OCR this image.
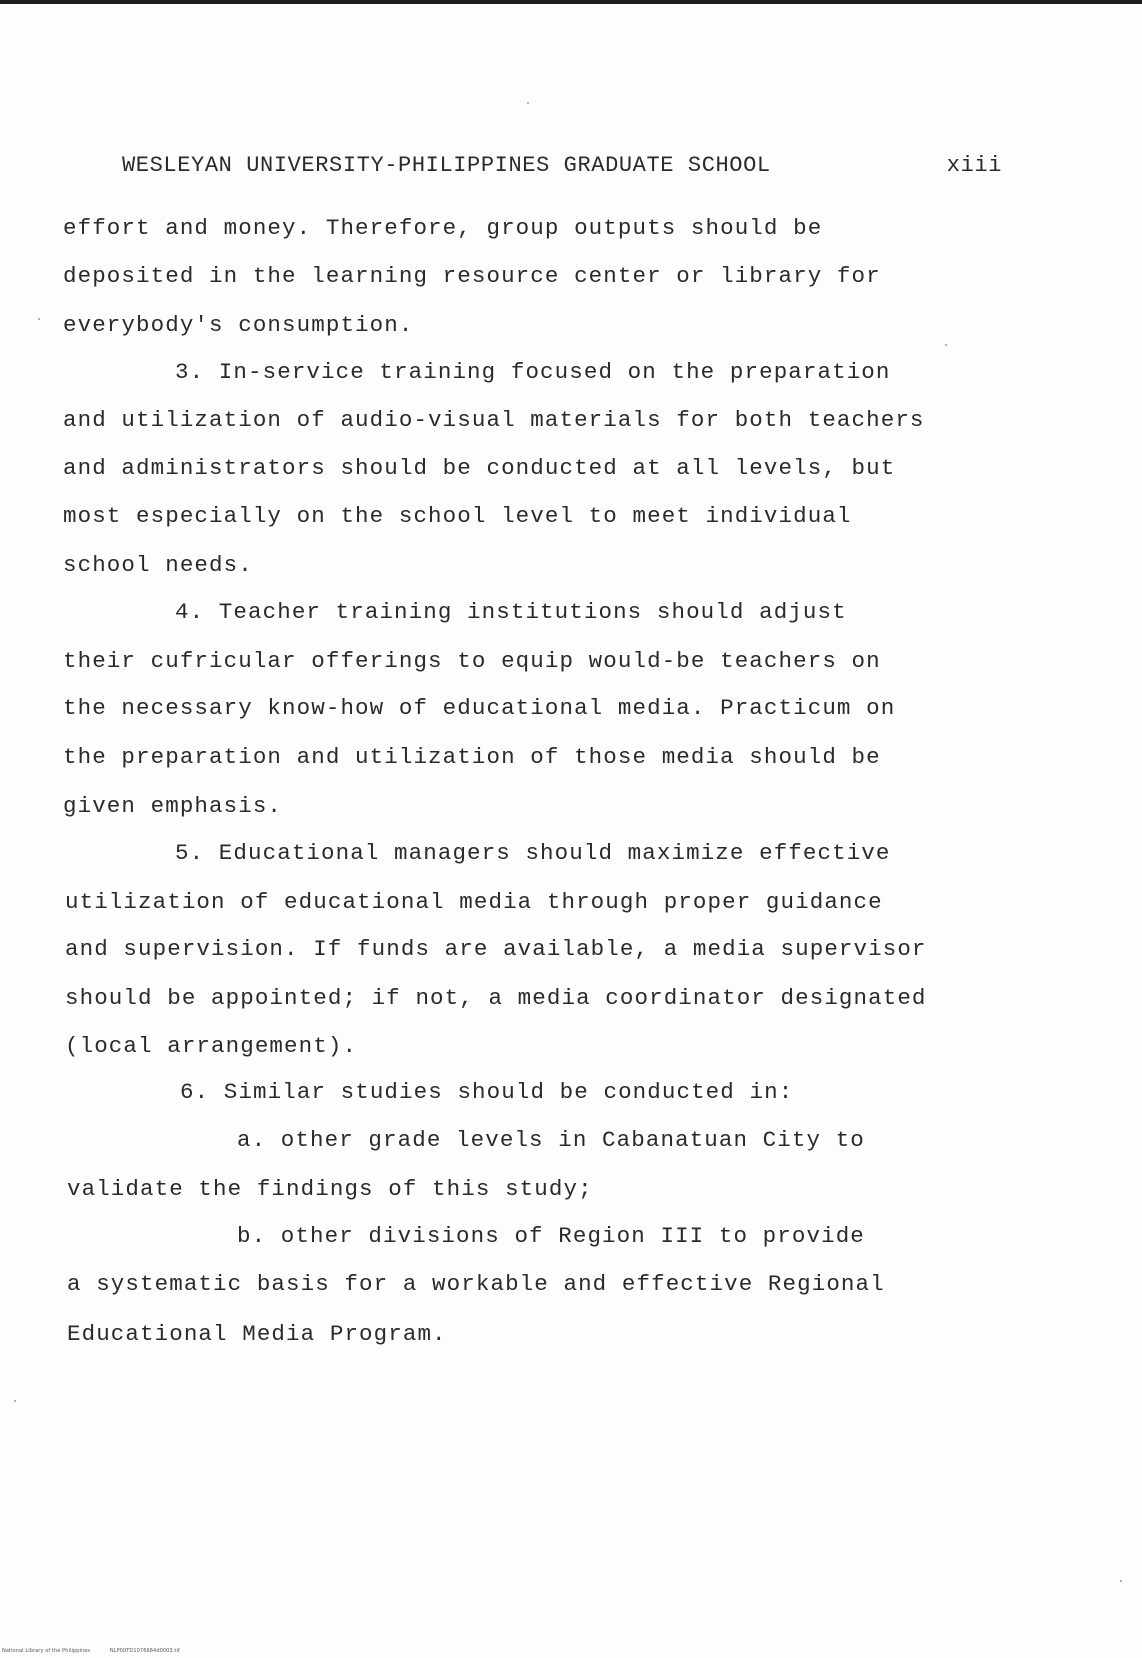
WESLEYAN UNIVERSITY-PHILIPPINES GRADUATE SCHOOL	xiii
effort and money. Therefore, group outputs should be
deposited in the learning resource center or library for
everybody's consumption.
3. In-service training focused on the preparation
and utilization of audio-visual materials for both teachers
and administrators should be conducted at all levels, but
most especially on the school level to meet individual
school needs.
4. Teacher training institutions should adjust
their cufricular offerings to equip would-be teachers on
the necessary know-how of educational media. Practicum on
the preparation and utilization of those media should be
given emphasis.
5. Educational managers should maximize effective
utilization of educational media through proper guidance
and supervision. If funds are available, a media supervisor
should be appointed; if not, a media coordinator designated
(local arrangement).
6. Similar studies should be conducted in:
a. other grade levels in Cabanatuan City to
validate the findings of this study;
b. other divisions of Region III to provide
a systematic basis for a workable and effective Regional
Educational Media Program.
National Library of the Philippines	NLP00TD1076664d0003.tif
